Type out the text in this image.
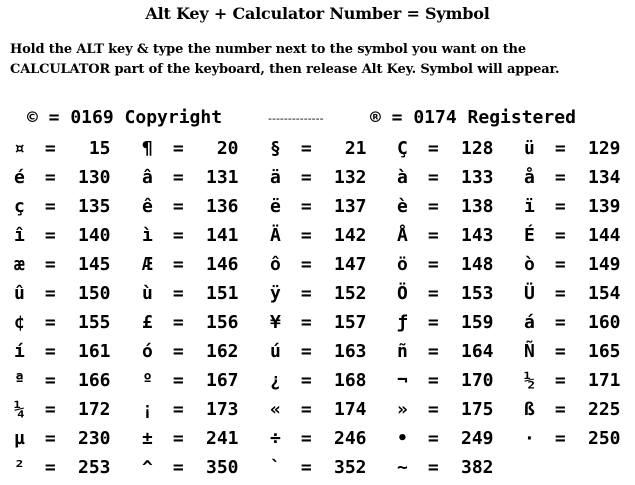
Alt Key + Calculator Number = Symbol
Hold the ALT key & type the number next to the symbol you want on the CALCULATOR part of the keyboard, then release Alt Key. Symbol will appear.
© = 0169 Copyright	--------------	® = 0174 Registered
¤ = 15 ¶ = 20 § = 21 Ç = 128 ü = 129
é = 130 â = 131 ä = 132 à = 133 å = 134
ç = 135 ê = 136 ë = 137 è = 138 ï = 139
î = 140 ì = 141 Ä = 142 Å = 143 É = 144
æ = 145 Æ = 146 ô = 147 ö = 148 ò = 149
û = 150 ù = 151 ÿ = 152 Ö = 153 Ü = 154
¢ = 155 £ = 156 ¥ = 157 ƒ = 159 á = 160
í = 161 ó = 162 ú = 163 ñ = 164 Ñ = 165
ª = 166 º = 167 ¿ = 168 ¬ = 170 ½ = 171
¼ = 172 ¡ = 173 « = 174 » = 175 ß = 225
µ = 230 ± = 241 ÷ = 246 • = 249 · = 250
² = 253 ^ = 350 ` = 352 ~ = 382
